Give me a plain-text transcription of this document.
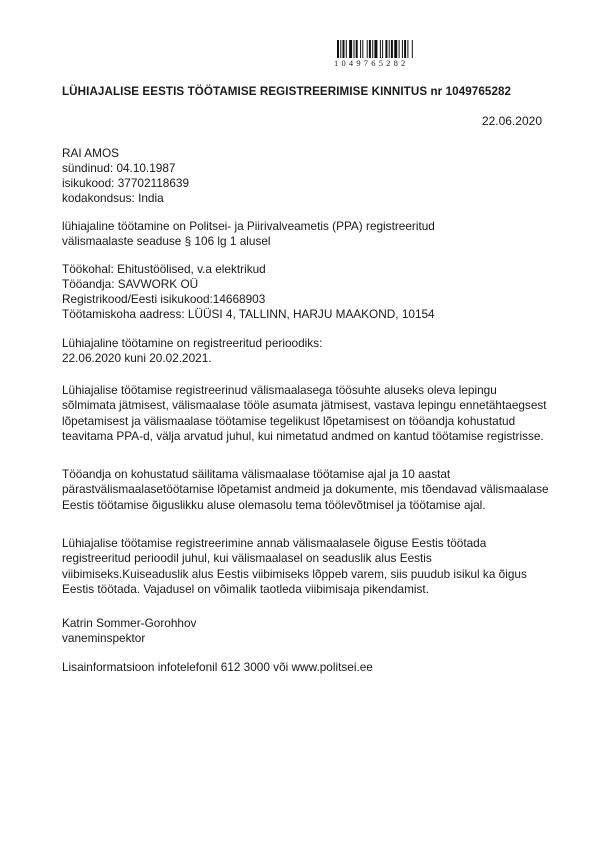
1049765282
LÜHIAJALISE EESTIS TÖÖTAMISE REGISTREERIMISE KINNITUS nr 1049765282
22.06.2020
RAI AMOS
sündinud: 04.10.1987
isikukood: 37702118639
kodakondsus: India
lühiajaline töötamine on Politsei- ja Piirivalveametis (PPA) registreeritud
välismaalaste seaduse § 106 lg 1 alusel
Töökohal: Ehitustöölised, v.a elektrikud
Tööandja: SAVWORK OÜ
Registrikood/Eesti isikukood:14668903
Töötamiskoha aadress: LÜÜSI 4, TALLINN, HARJU MAAKOND, 10154
Lühiajaline töötamine on registreeritud perioodiks:
22.06.2020 kuni 20.02.2021.
Lühiajalise töötamise registreerinud välismaalasega töösuhte aluseks oleva lepingu sõlmimata jätmisest, välismaalase tööle asumata jätmisest, vastava lepingu ennetähtaegsest lõpetamisest ja välismaalase töötamise tegelikust lõpetamisest on tööandja kohustatud teavitama PPA-d, välja arvatud juhul, kui nimetatud andmed on kantud töötamise registrisse.
Tööandja on kohustatud säilitama välismaalase töötamise ajal ja 10 aastat pärastvälismaalasetöötamise lõpetamist andmeid ja dokumente, mis tõendavad välismaalase Eestis töötamise õiguslikku aluse olemasolu tema töölevõtmisel ja töötamise ajal.
Lühiajalise töötamise registreerimine annab välismaalasele õiguse Eestis töötada registreeritud perioodil juhul, kui välismaalasel on seaduslik alus Eestis viibimiseks.Kuiseaduslik alus Eestis viibimiseks lõppeb varem, siis puudub isikul ka õigus Eestis töötada. Vajadusel on võimalik taotleda viibimisaja pikendamist.
Katrin Sommer-Gorohhov
vaneminspektor
Lisainformatsioon infotelefonil 612 3000 või www.politsei.ee
